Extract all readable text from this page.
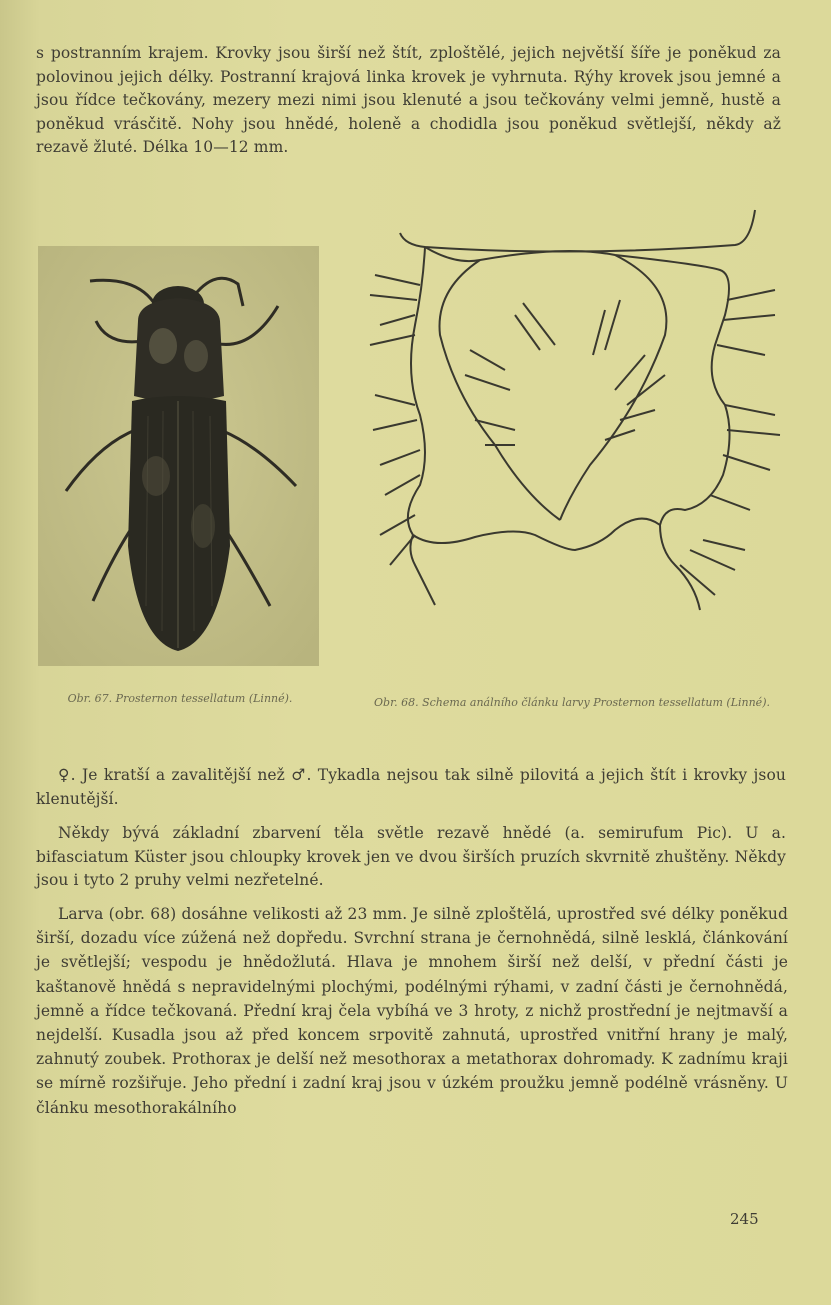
s postranním krajem. Krovky jsou širší než štít, zploštělé, jejich největší šíře je poněkud za polovinou jejich délky. Postranní krajová linka krovek je vyhrnuta. Rýhy krovek jsou jemné a jsou řídce tečkovány, mezery mezi nimi jsou klenuté a jsou tečkovány velmi jemně, hustě a poněkud vrásčitě. Nohy jsou hnědé, holeně a chodidla jsou poněkud světlejší, někdy až rezavě žluté. Délka 10—12 mm.

Obr. 67. Prosternon tessellatum (Linné).	Obr. 68. Schema análního článku larvy Prosternon tessellatum (Linné).

♀. Je kratší a zavalitější než ♂. Tykadla nejsou tak silně pilovitá a jejich štít i krovky jsou klenutější.

Někdy bývá základní zbarvení těla světle rezavě hnědé (a. semirufum Pic). U a. bifasciatum Küster jsou chloupky krovek jen ve dvou širších pruzích skvrnitě zhuštěny. Někdy jsou i tyto 2 pruhy velmi nezřetelné.

Larva (obr. 68) dosáhne velikosti až 23 mm. Je silně zploštělá, uprostřed své délky poněkud širší, dozadu více zúžená než dopředu. Svrchní strana je černohnědá, silně lesklá, článkování je světlejší; vespodu je hnědožlutá. Hlava je mnohem širší než delší, v přední části je kaštanově hnědá s nepravidelnými plochými, podélnými rýhami, v zadní části je černohnědá, jemně a řídce tečkovaná. Přední kraj čela vybíhá ve 3 hroty, z nichž prostřední je nejtmavší a nejdelší. Kusadla jsou až před koncem srpovitě zahnutá, uprostřed vnitřní hrany je malý, zahnutý zoubek. Prothorax je delší než mesothorax a metathorax dohromady. K zadnímu kraji se mírně rozšiřuje. Jeho přední i zadní kraj jsou v úzkém proužku jemně podélně vrásněny. U článku mesothorakálního

245
